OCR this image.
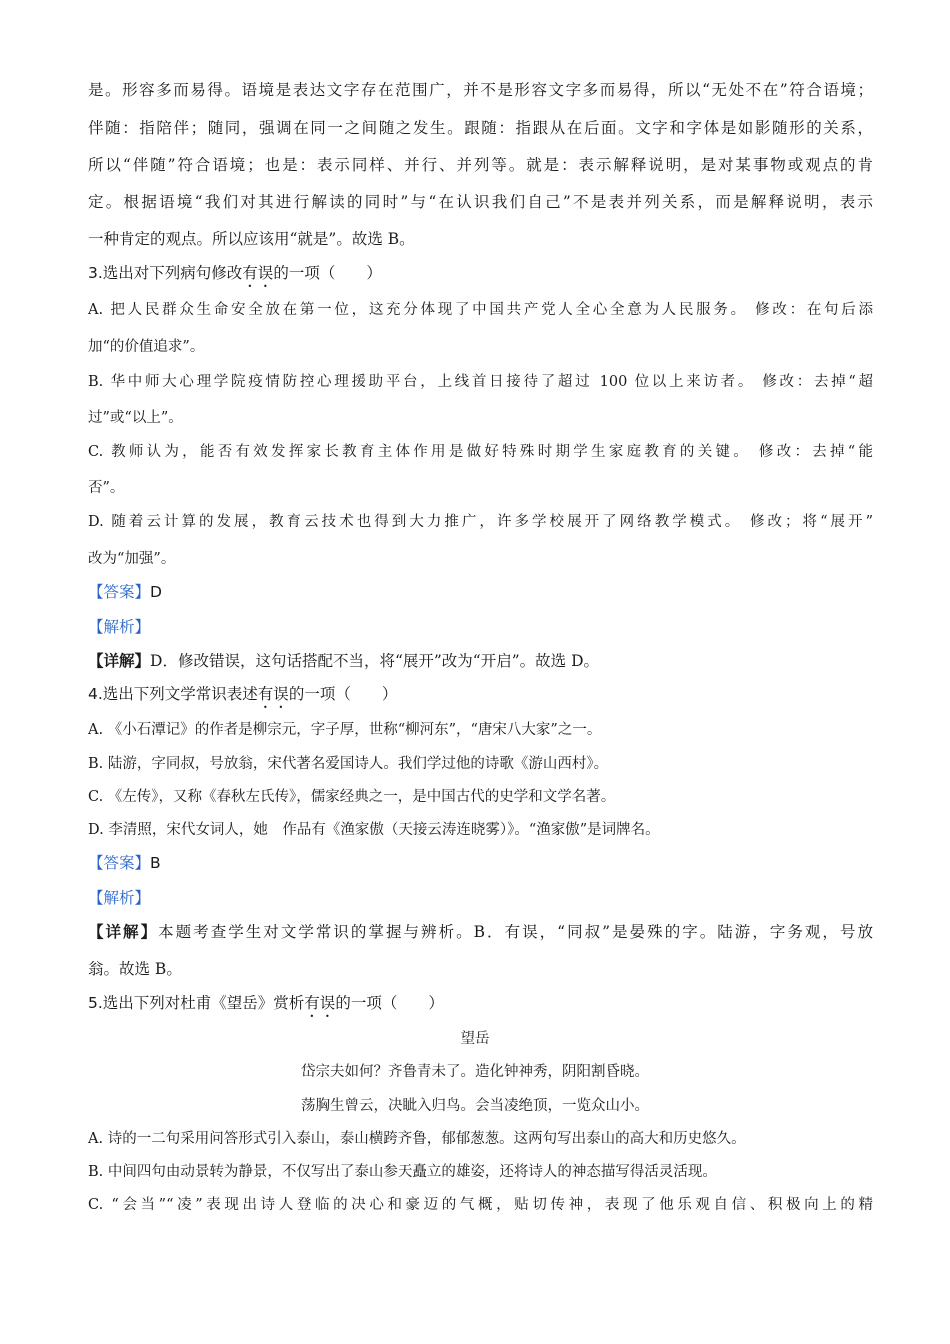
是。形容多而易得。语境是表达文字存在范围广，并不是形容文字多而易得，所以“无处不在”符合语境；
伴随：指陪伴；随同，强调在同一之间随之发生。跟随：指跟从在后面。文字和字体是如影随形的关系，
所以“伴随”符合语境；也是：表示同样、并行、并列等。就是：表示解释说明，是对某事物或观点的肯
定。根据语境“我们对其进行解读的同时”与“在认识我们自己”不是表并列关系，而是解释说明，表示
一种肯定的观点。所以应该用“就是”。故选 B。
3.选出对下列病句修改有误的一项（　　）
A. 把人民群众生命安全放在第一位，这充分体现了中国共产党人全心全意为人民服务。 修改：在句后添
加“的价值追求”。
B. 华中师大心理学院疫情防控心理援助平台，上线首日接待了超过 100 位以上来访者。 修改：去掉“超
过”或“以上”。
C. 教师认为，能否有效发挥家长教育主体作用是做好特殊时期学生家庭教育的关键。 修改：去掉“能
否”。
D. 随着云计算的发展，教育云技术也得到大力推广，许多学校展开了网络教学模式。 修改；将“展开”
改为“加强”。
【答案】D
【解析】
【详解】D．修改错误，这句话搭配不当，将“展开”改为“开启”。故选 D。
4.选出下列文学常识表述有误的一项（　　）
A. 《小石潭记》的作者是柳宗元，字子厚，世称“柳河东”，“唐宋八大家”之一。
B. 陆游，字同叔，号放翁，宋代著名爱国诗人。我们学过他的诗歌《游山西村》。
C. 《左传》，又称《春秋左氏传》，儒家经典之一，是中国古代的史学和文学名著。
D. 李清照，宋代女词人，她　作品有《渔家傲（天接云涛连晓雾）》。“渔家傲”是词牌名。
【答案】B
【解析】
【详解】本题考查学生对文学常识的掌握与辨析。B．有误，“同叔”是晏殊的字。陆游，字务观，号放
翁。故选 B。
5.选出下列对杜甫《望岳》赏析有误的一项（　　）
望岳
岱宗夫如何？齐鲁青未了。造化钟神秀，阴阳割昏晓。
荡胸生曾云，决眦入归鸟。会当凌绝顶，一览众山小。
A. 诗的一二句采用问答形式引入泰山，泰山横跨齐鲁，郁郁葱葱。这两句写出泰山的高大和历史悠久。
B. 中间四句由动景转为静景，不仅写出了泰山参天矗立的雄姿，还将诗人的神态描写得活灵活现。
C. “会当”“凌”表现出诗人登临的决心和豪迈的气概，贴切传神，表现了他乐观自信、积极向上的精
